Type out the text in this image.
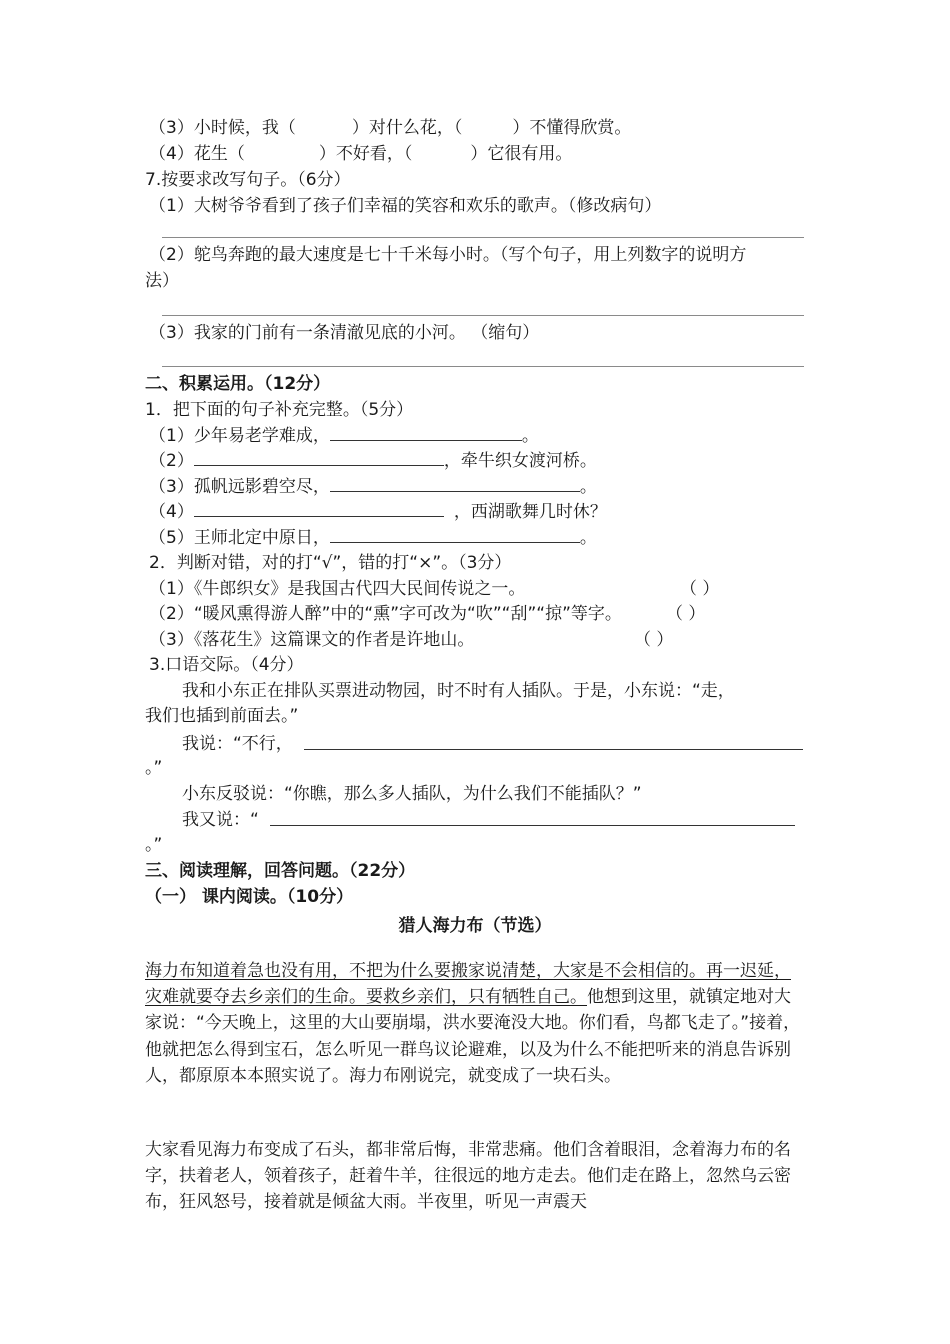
（3）小时候，我（	）对什么花，（	）不懂得欣赏。
（4）花生（	）不好看，（	）它很有用。
7.按要求改写句子。（6分）
（1）大树爷爷看到了孩子们幸福的笑容和欢乐的歌声。（修改病句）
（2）鸵鸟奔跑的最大速度是七十千米每小时。（写个句子，用上列数字的说明方
法）
（3）我家的门前有一条清澈见底的小河。 （缩句）
二、积累运用。（12分）
1．把下面的句子补充完整。（5分）
（1）少年易老学难成，	。
（2）	，牵牛织女渡河桥。
（3）孤帆远影碧空尽，	。
（4）	，西湖歌舞几时休？
（5）王师北定中原日，	。
2．判断对错，对的打“√”，错的打“×”。（3分）
（1）《牛郎织女》是我国古代四大民间传说之一。	（ ）
（2）“暖风熏得游人醉”中的“熏”字可改为“吹”“刮”“掠”等字。	（ ）
（3）《落花生》这篇课文的作者是许地山。	（ ）
3.口语交际。（4分）
我和小东正在排队买票进动物园，时不时有人插队。于是，小东说：“走，
我们也插到前面去。”
我说：“不行，
。”
小东反驳说：“你瞧，那么多人插队，为什么我们不能插队？”
我又说：“
。”
三、阅读理解，回答问题。（22分）
（一） 课内阅读。（10分）
猎人海力布（节选）

海力布知道着急也没有用，不把为什么要搬家说清楚，大家是不会相信的。再一迟延，灾难就要夺去乡亲们的生命。要救乡亲们，只有牺牲自己。他想到这里，就镇定地对大家说：“今天晚上，这里的大山要崩塌，洪水要淹没大地。你们看，鸟都飞走了。”接着，他就把怎么得到宝石，怎么听见一群鸟议论避难，以及为什么不能把听来的消息告诉别人，都原原本本照实说了。海力布刚说完，就变成了一块石头。

大家看见海力布变成了石头，都非常后悔，非常悲痛。他们含着眼泪，念着海力布的名字，扶着老人，领着孩子，赶着牛羊，往很远的地方走去。他们走在路上，忽然乌云密布，狂风怒号，接着就是倾盆大雨。半夜里，听见一声震天
